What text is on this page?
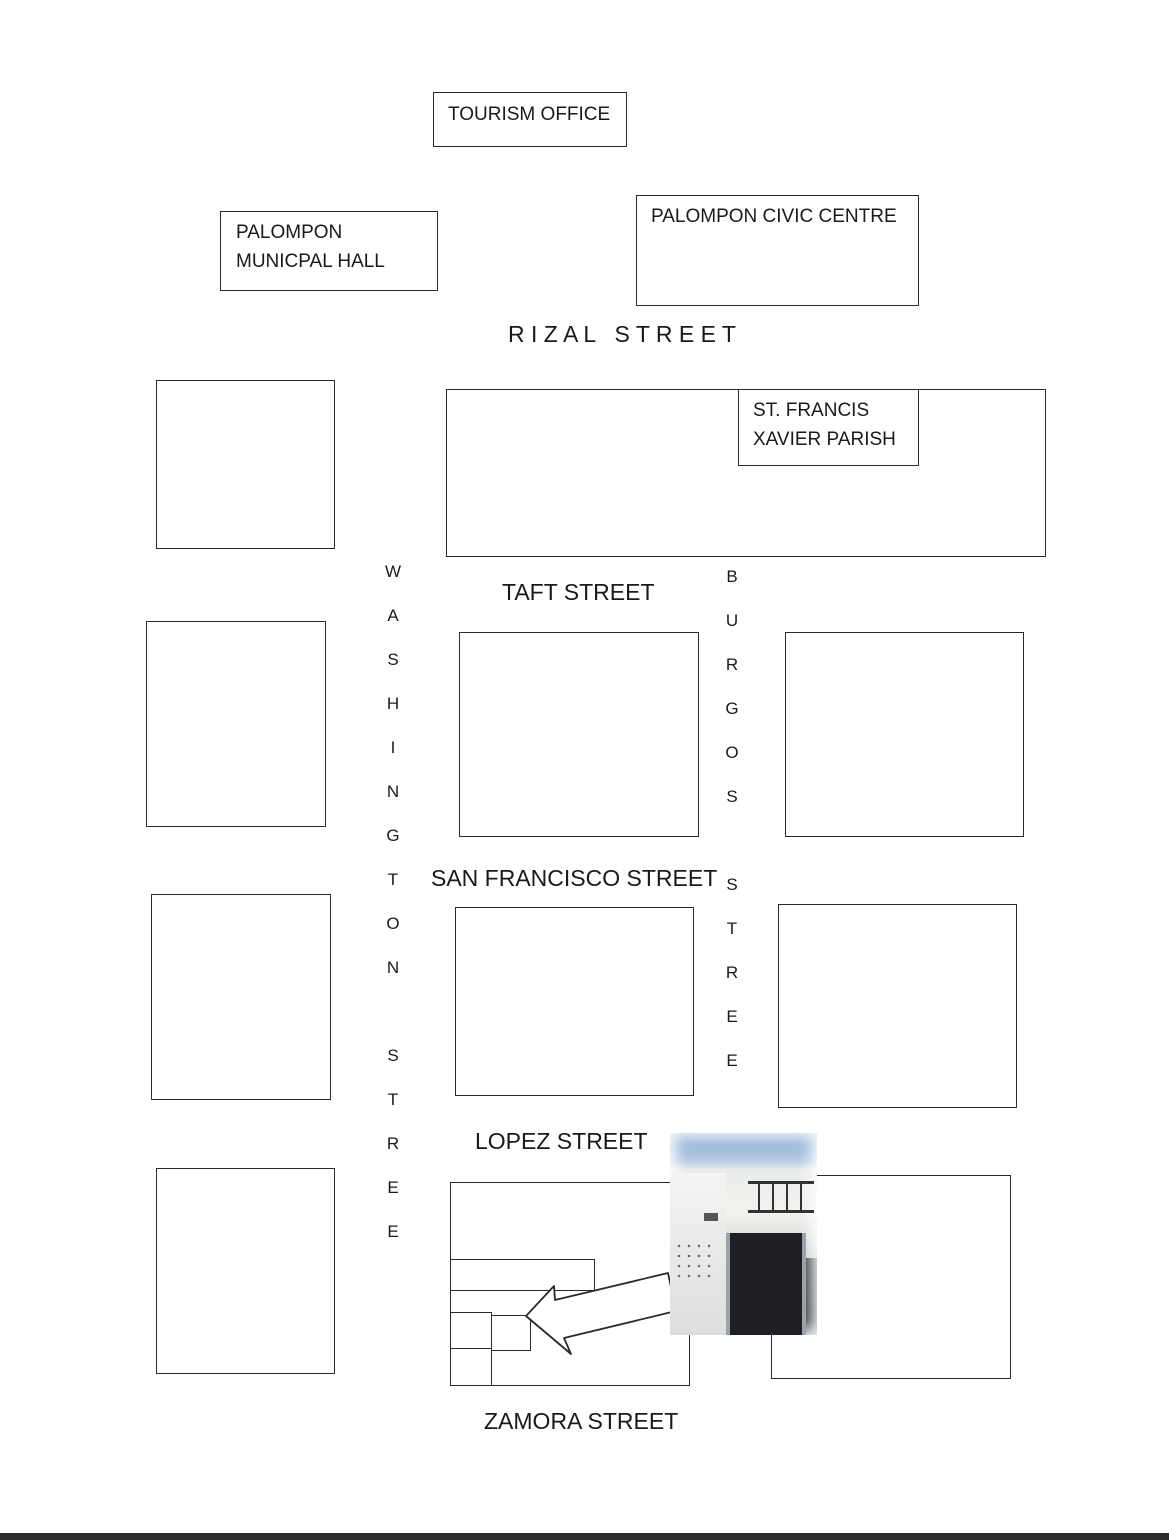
TOURISM OFFICE
PALOMPON
MUNICPAL HALL
PALOMPON CIVIC CENTRE
R I Z A L   S T R E E T
ST. FRANCIS
XAVIER PARISH
TAFT STREET
SAN FRANCISCO STREET
LOPEZ STREET
ZAMORA STREET
W
A
S
H
I
N
G
T
O
N
S
T
R
E
E
B
U
R
G
O
S
S
T
R
E
E
